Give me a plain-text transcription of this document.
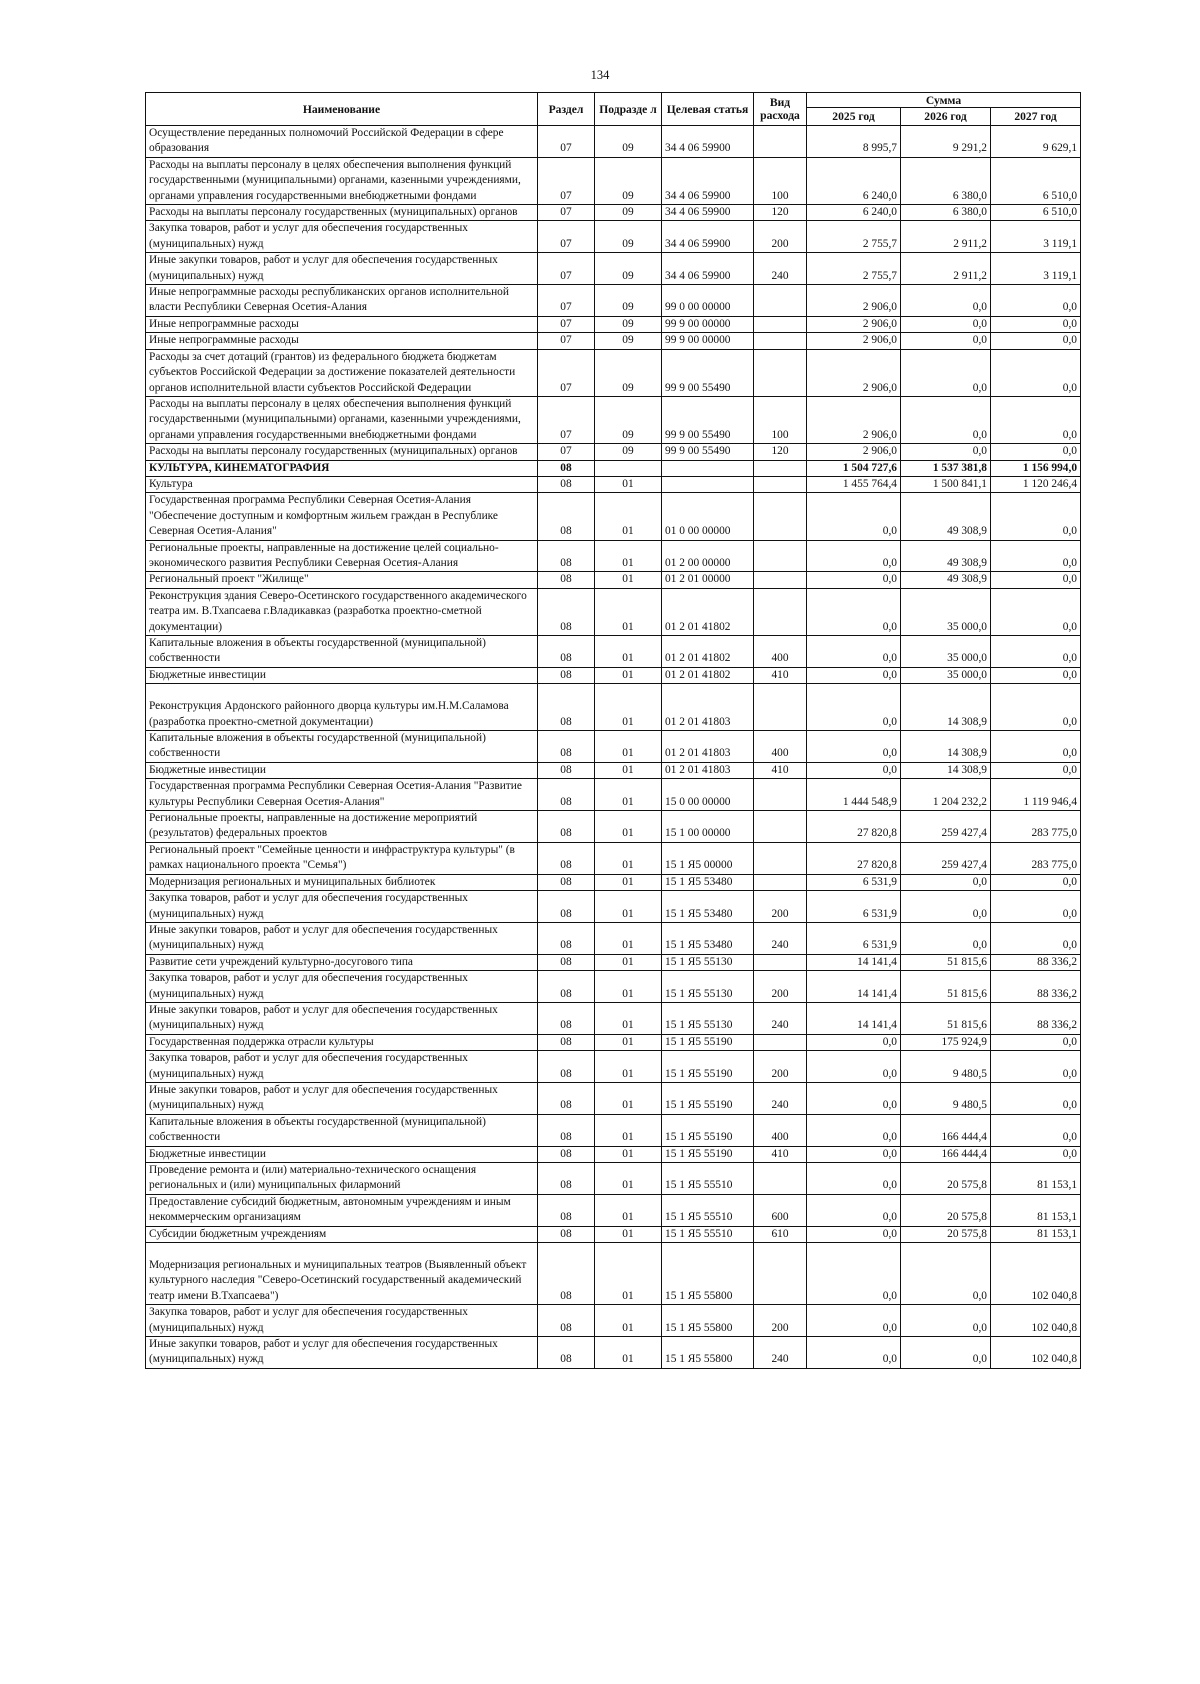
134
Наименование	Раздел	Подразде л	Целевая статья	Вид расхода	Сумма		
					2025 год	2026 год	2027 год
Осуществление переданных полномочий Российской Федерации в сфере образования	07	09	34 4 06 59900		8 995,7	9 291,2	9 629,1
Расходы на выплаты персоналу в целях обеспечения выполнения функций государственными (муниципальными) органами, казенными учреждениями, органами управления государственными внебюджетными фондами	07	09	34 4 06 59900	100	6 240,0	6 380,0	6 510,0
Расходы на выплаты персоналу государственных (муниципальных) органов	07	09	34 4 06 59900	120	6 240,0	6 380,0	6 510,0
Закупка товаров, работ и услуг для обеспечения государственных (муниципальных) нужд	07	09	34 4 06 59900	200	2 755,7	2 911,2	3 119,1
Иные закупки товаров, работ и услуг для обеспечения государственных (муниципальных) нужд	07	09	34 4 06 59900	240	2 755,7	2 911,2	3 119,1
Иные непрограммные расходы республиканских органов исполнительной власти Республики Северная Осетия-Алания	07	09	99 0 00 00000		2 906,0	0,0	0,0
Иные непрограммные расходы	07	09	99 9 00 00000		2 906,0	0,0	0,0
Иные непрограммные расходы	07	09	99 9 00 00000		2 906,0	0,0	0,0
Расходы за счет дотаций (грантов) из федерального бюджета бюджетам субъектов Российской Федерации за достижение показателей деятельности органов исполнительной власти субъектов Российской Федерации	07	09	99 9 00 55490		2 906,0	0,0	0,0
Расходы на выплаты персоналу в целях обеспечения выполнения функций государственными (муниципальными) органами, казенными учреждениями, органами управления государственными внебюджетными фондами	07	09	99 9 00 55490	100	2 906,0	0,0	0,0
Расходы на выплаты персоналу государственных (муниципальных) органов	07	09	99 9 00 55490	120	2 906,0	0,0	0,0
КУЛЬТУРА, КИНЕМАТОГРАФИЯ	08				1 504 727,6	1 537 381,8	1 156 994,0
Культура	08	01			1 455 764,4	1 500 841,1	1 120 246,4
Государственная программа Республики Северная Осетия-Алания "Обеспечение доступным и комфортным жильем граждан в Республике Северная Осетия-Алания"	08	01	01 0 00 00000		0,0	49 308,9	0,0
Региональные проекты, направленные на достижение целей социально-экономического развития Республики Северная Осетия-Алания	08	01	01 2 00 00000		0,0	49 308,9	0,0
Региональный проект "Жилище"	08	01	01 2 01 00000		0,0	49 308,9	0,0
Реконструкция здания Северо-Осетинского государственного академического театра им. В.Тхапсаева г.Владикавказ (разработка проектно-сметной документации)	08	01	01 2 01 41802		0,0	35 000,0	0,0
Капитальные вложения в объекты государственной (муниципальной) собственности	08	01	01 2 01 41802	400	0,0	35 000,0	0,0
Бюджетные инвестиции	08	01	01 2 01 41802	410	0,0	35 000,0	0,0
Реконструкция Ардонского районного дворца культуры им.Н.М.Саламова (разработка проектно-сметной документации)	08	01	01 2 01 41803		0,0	14 308,9	0,0
Капитальные вложения в объекты государственной (муниципальной) собственности	08	01	01 2 01 41803	400	0,0	14 308,9	0,0
Бюджетные инвестиции	08	01	01 2 01 41803	410	0,0	14 308,9	0,0
Государственная программа Республики Северная Осетия-Алания "Развитие культуры Республики Северная Осетия-Алания"	08	01	15 0 00 00000		1 444 548,9	1 204 232,2	1 119 946,4
Региональные проекты, направленные на достижение мероприятий (результатов) федеральных проектов	08	01	15 1 00 00000		27 820,8	259 427,4	283 775,0
Региональный проект "Семейные ценности и инфраструктура культуры" (в рамках национального проекта "Семья")	08	01	15 1 Я5 00000		27 820,8	259 427,4	283 775,0
Модернизация региональных и муниципальных библиотек	08	01	15 1 Я5 53480		6 531,9	0,0	0,0
Закупка товаров, работ и услуг для обеспечения государственных (муниципальных) нужд	08	01	15 1 Я5 53480	200	6 531,9	0,0	0,0
Иные закупки товаров, работ и услуг для обеспечения государственных (муниципальных) нужд	08	01	15 1 Я5 53480	240	6 531,9	0,0	0,0
Развитие сети учреждений культурно-досугового типа	08	01	15 1 Я5 55130		14 141,4	51 815,6	88 336,2
Закупка товаров, работ и услуг для обеспечения государственных (муниципальных) нужд	08	01	15 1 Я5 55130	200	14 141,4	51 815,6	88 336,2
Иные закупки товаров, работ и услуг для обеспечения государственных (муниципальных) нужд	08	01	15 1 Я5 55130	240	14 141,4	51 815,6	88 336,2
Государственная поддержка отрасли культуры	08	01	15 1 Я5 55190		0,0	175 924,9	0,0
Закупка товаров, работ и услуг для обеспечения государственных (муниципальных) нужд	08	01	15 1 Я5 55190	200	0,0	9 480,5	0,0
Иные закупки товаров, работ и услуг для обеспечения государственных (муниципальных) нужд	08	01	15 1 Я5 55190	240	0,0	9 480,5	0,0
Капитальные вложения в объекты государственной (муниципальной) собственности	08	01	15 1 Я5 55190	400	0,0	166 444,4	0,0
Бюджетные инвестиции	08	01	15 1 Я5 55190	410	0,0	166 444,4	0,0
Проведение ремонта и (или) материально-технического оснащения региональных и (или) муниципальных филармоний	08	01	15 1 Я5 55510		0,0	20 575,8	81 153,1
Предоставление субсидий бюджетным, автономным учреждениям и иным некоммерческим организациям	08	01	15 1 Я5 55510	600	0,0	20 575,8	81 153,1
Субсидии бюджетным учреждениям	08	01	15 1 Я5 55510	610	0,0	20 575,8	81 153,1
Модернизация региональных и муниципальных театров (Выявленный объект культурного наследия "Северо-Осетинский государственный академический театр имени В.Тхапсаева")	08	01	15 1 Я5 55800		0,0	0,0	102 040,8
Закупка товаров, работ и услуг для обеспечения государственных (муниципальных) нужд	08	01	15 1 Я5 55800	200	0,0	0,0	102 040,8
Иные закупки товаров, работ и услуг для обеспечения государственных (муниципальных) нужд	08	01	15 1 Я5 55800	240	0,0	0,0	102 040,8
